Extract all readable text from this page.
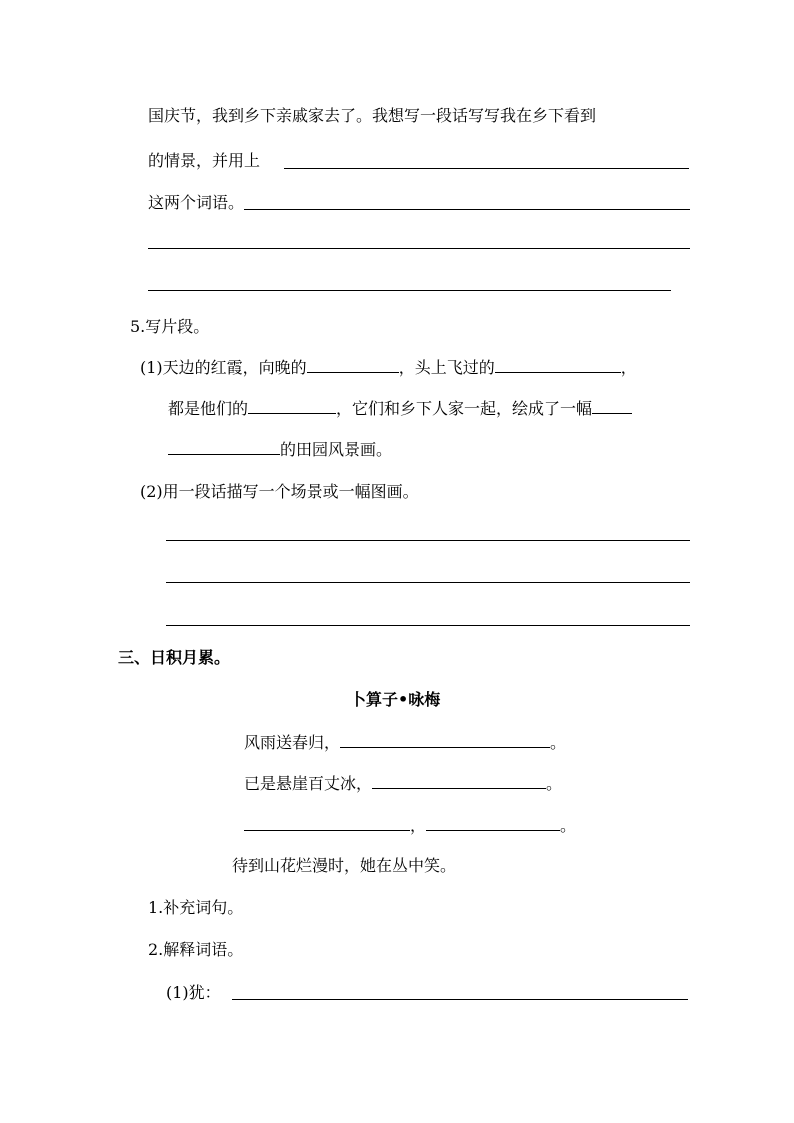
国庆节，我到乡下亲戚家去了。我想写一段话写写我在乡下看到
的情景，并用上
这两个词语。
5.写片段。
(1)天边的红霞，向晚的	，头上飞过的	，
都是他们的	，它们和乡下人家一起，绘成了一幅
的田园风景画。
(2)用一段话描写一个场景或一幅图画。
三、日积月累。
卜算子•咏梅
风雨送春归，	。
已是悬崖百丈冰，	。
，	。
待到山花烂漫时，她在丛中笑。
1.补充词句。
2.解释词语。
(1)犹：
